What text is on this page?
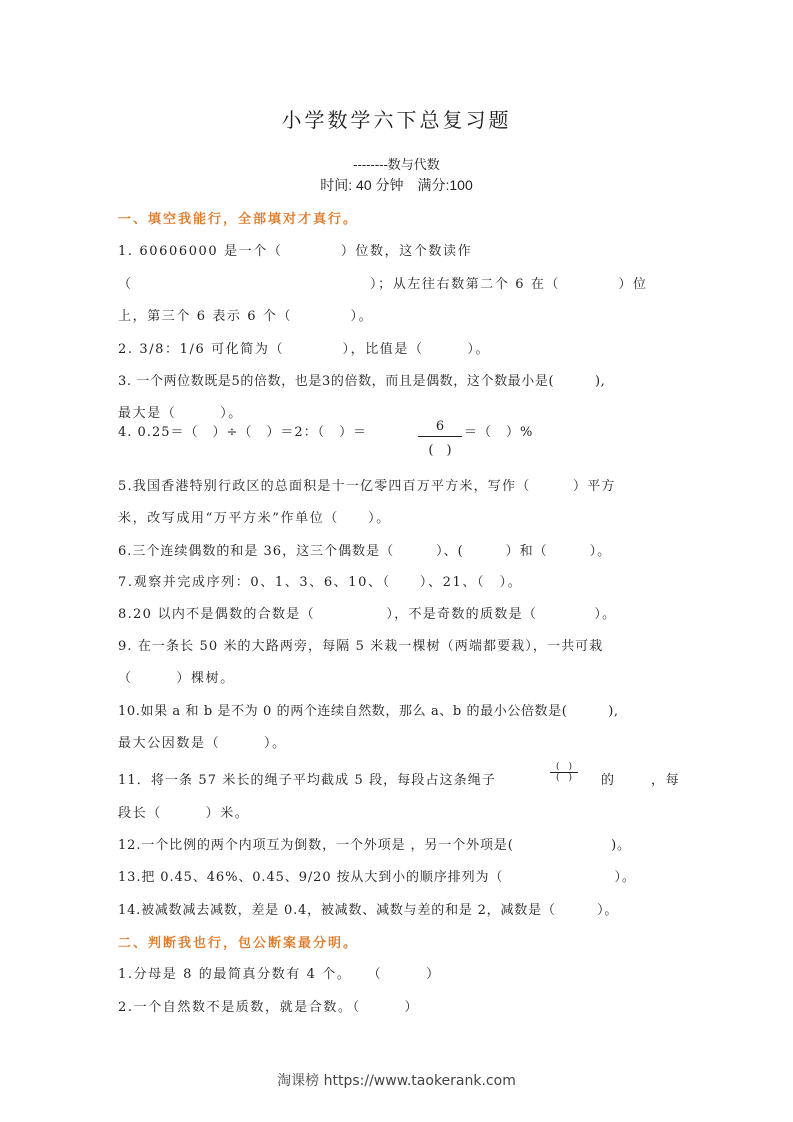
小学数学六下总复习题
--------数与代数
时间: 40 分钟　满分:100
一、填空我能行，全部填对才真行。
1. 60606000 是一个（　　　　）位数，这个数读作
（	）；从左往右数第二个 6 在（　　　　）位
上，第三个 6 表示 6 个（　　　　）。
2. 3/8：1/6 可化简为（　　　　），比值是（　　　）。
3. 一个两位数既是5的倍数，也是3的倍数，而且是偶数，这个数最小是(　　　),
最大是（　　　）。
4. 0.25＝（　）÷（　）＝2：（　）＝	6
(　)
＝（　）%
5.我国香港特别行政区的总面积是十一亿零四百万平方米，写作（　　　）平方
米，改写成用“万平方米”作单位（　　）。
6.三个连续偶数的和是 36，这三个偶数是（　　　）、(　　　）和（　　　）。
7.观察并完成序列：0、1、3、6、10、（　　）、21、（　）。
8.20 以内不是偶数的合数是（　　　　　），不是奇数的质数是（　　　　）。
9. 在一条长 50 米的大路两旁，每隔 5 米栽一棵树（两端都要栽），一共可栽
（　　　）棵树。
10.如果 a 和 b 是不为 0 的两个连续自然数，那么 a、b 的最小公倍数是(　　　),
最大公因数是（　　　）。
11．将一条 57 米长的绳子平均截成 5 段，每段占这条绳子
(　)
(　)	的	，每
段长（　　　）米。
12.一个比例的两个内项互为倒数，一个外项是 ，另一个外项是(　　　　　　　)。
13.把 0.45、46%、0.45、9/20 按从大到小的顺序排列为（　　　　　　　　）。
14.被减数减去减数，差是 0.4，被减数、减数与差的和是 2，减数是（　　　）。
二、判断我也行，包公断案最分明。
1.分母是 8 的最简真分数有 4 个。　　（　　　）
2.一个自然数不是质数，就是合数。（　　　）
淘课榜 https://www.taokerank.com
